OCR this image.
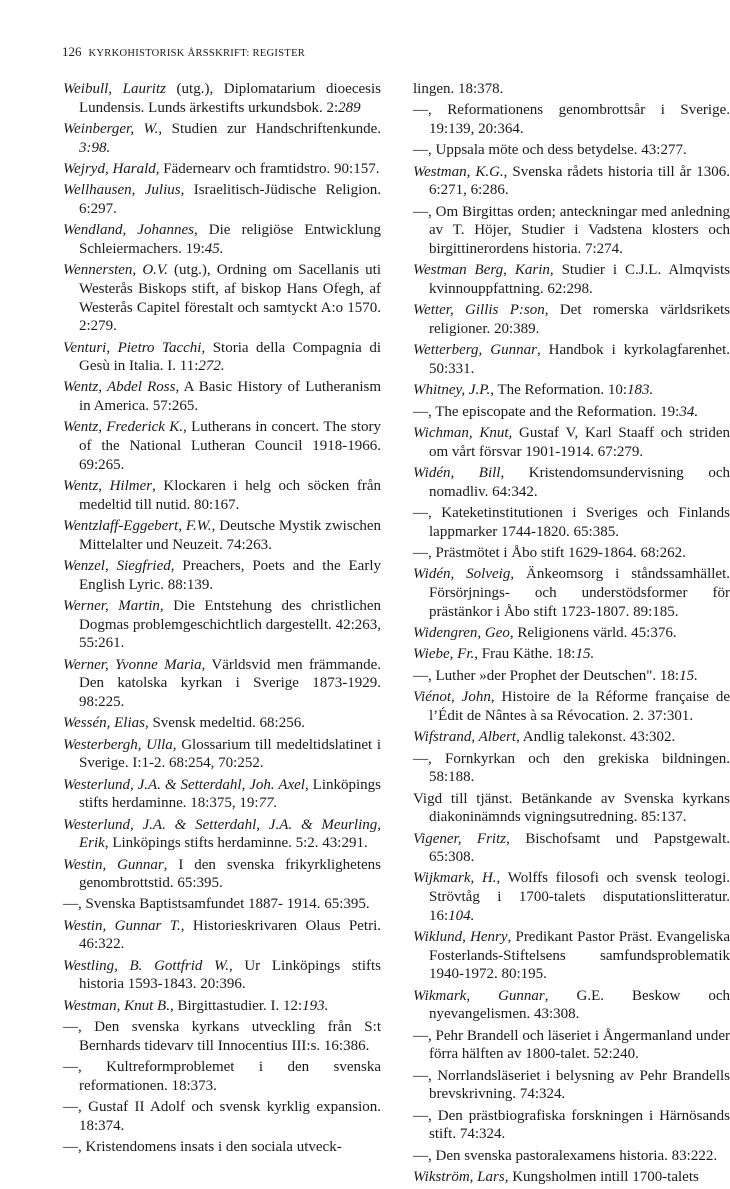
126 KYRKOHISTORISK ÅRSSKRIFT: REGISTER

Weibull, Lauritz (utg.), Diplomatarium dioecesis Lundensis. Lunds ärkestifts urkundsbok. 2:289

Weinberger, W., Studien zur Handschriftenkunde. 3:98.

Wejryd, Harald, Fädernearv och framtidstro. 90:157.

Wellhausen, Julius, Israelitisch-Jüdische Religion. 6:297.

Wendland, Johannes, Die religiöse Entwicklung Schleiermachers. 19:45.

Wennersten, O.V. (utg.), Ordning om Sacellanis uti Westerås Biskops stift, af biskop Hans Ofegh, af Westerås Capitel förestalt och samtyckt A:o 1570. 2:279.

Venturi, Pietro Tacchi, Storia della Compagnia di Gesù in Italia. I. 11:272.

Wentz, Abdel Ross, A Basic History of Lutheranism in America. 57:265.

Wentz, Frederick K., Lutherans in concert. The story of the National Lutheran Council 1918-1966. 69:265.

Wentz, Hilmer, Klockaren i helg och söcken från medeltid till nutid. 80:167.

Wentzlaff-Eggebert, F.W., Deutsche Mystik zwischen Mittelalter und Neuzeit. 74:263.

Wenzel, Siegfried, Preachers, Poets and the Early English Lyric. 88:139.

Werner, Martin, Die Entstehung des christlichen Dogmas problemgeschichtlich dargestellt. 42:263, 55:261.

Werner, Yvonne Maria, Världsvid men främmande. Den katolska kyrkan i Sverige 1873-1929. 98:225.

Wessén, Elias, Svensk medeltid. 68:256.

Westerbergh, Ulla, Glossarium till medeltidslatinet i Sverige. I:1-2. 68:254, 70:252.

Westerlund, J.A. & Setterdahl, Joh. Axel, Linköpings stifts herdaminne. 18:375, 19:77.

Westerlund, J.A. & Setterdahl, J.A. & Meurling, Erik, Linköpings stifts herdaminne. 5:2. 43:291.

Westin, Gunnar, I den svenska frikyrklighetens genombrottstid. 65:395.

—, Svenska Baptistsamfundet 1887- 1914. 65:395.

Westin, Gunnar T., Historieskrivaren Olaus Petri. 46:322.

Westling, B. Gottfrid W., Ur Linköpings stifts historia 1593-1843. 20:396.

Westman, Knut B., Birgittastudier. I. 12:193.

—, Den svenska kyrkans utveckling från S:t Bernhards tidevarv till Innocentius III:s. 16:386.

—, Kultreformproblemet i den svenska reformationen. 18:373.

—, Gustaf II Adolf och svensk kyrklig expansion. 18:374.

—, Kristendomens insats i den sociala utveck-

lingen. 18:378.

—, Reformationens genombrottsår i Sverige. 19:139, 20:364.

—, Uppsala möte och dess betydelse. 43:277.

Westman, K.G., Svenska rådets historia till år 1306. 6:271, 6:286.

—, Om Birgittas orden; anteckningar med anledning av T. Höjer, Studier i Vadstena klosters och birgittinerordens historia. 7:274.

Westman Berg, Karin, Studier i C.J.L. Almqvists kvinnouppfattning. 62:298.

Wetter, Gillis P:son, Det romerska världsrikets religioner. 20:389.

Wetterberg, Gunnar, Handbok i kyrkolagfarenhet. 50:331.

Whitney, J.P., The Reformation. 10:183.

—, The episcopate and the Reformation. 19:34.

Wichman, Knut, Gustaf V, Karl Staaff och striden om vårt försvar 1901-1914. 67:279.

Widén, Bill, Kristendomsundervisning och nomadliv. 64:342.

—, Kateketinstitutionen i Sveriges och Finlands lappmarker 1744-1820. 65:385.

—, Prästmötet i Åbo stift 1629-1864. 68:262.

Widén, Solveig, Änkeomsorg i ståndssamhället. Försörjnings- och understödsformer för prästänkor i Åbo stift 1723-1807. 89:185.

Widengren, Geo, Religionens värld. 45:376.

Wiebe, Fr., Frau Käthe. 18:15.

—, Luther »der Prophet der Deutschen". 18:15.

Viénot, John, Histoire de la Réforme française de l’Édit de Nântes à sa Révocation. 2. 37:301.

Wifstrand, Albert, Andlig talekonst. 43:302.

—, Fornkyrkan och den grekiska bildningen. 58:188.

Vigd till tjänst. Betänkande av Svenska kyrkans diakoninämnds vigningsutredning. 85:137.

Vigener, Fritz, Bischofsamt und Papstgewalt. 65:308.

Wijkmark, H., Wolffs filosofi och svensk teologi. Strövtåg i 1700-talets disputationslitteratur. 16:104.

Wiklund, Henry, Predikant Pastor Präst. Evangeliska Fosterlands-Stiftelsens samfundsproblematik 1940-1972. 80:195.

Wikmark, Gunnar, G.E. Beskow och nyevangelismen. 43:308.

—, Pehr Brandell och läseriet i Ångermanland under förra hälften av 1800-talet. 52:240.

—, Norrlandsläseriet i belysning av Pehr Brandells brevskrivning. 74:324.

—, Den prästbiografiska forskningen i Härnösands stift. 74:324.

—, Den svenska pastoralexamens historia. 83:222.

Wikström, Lars, Kungsholmen intill 1700-talets
